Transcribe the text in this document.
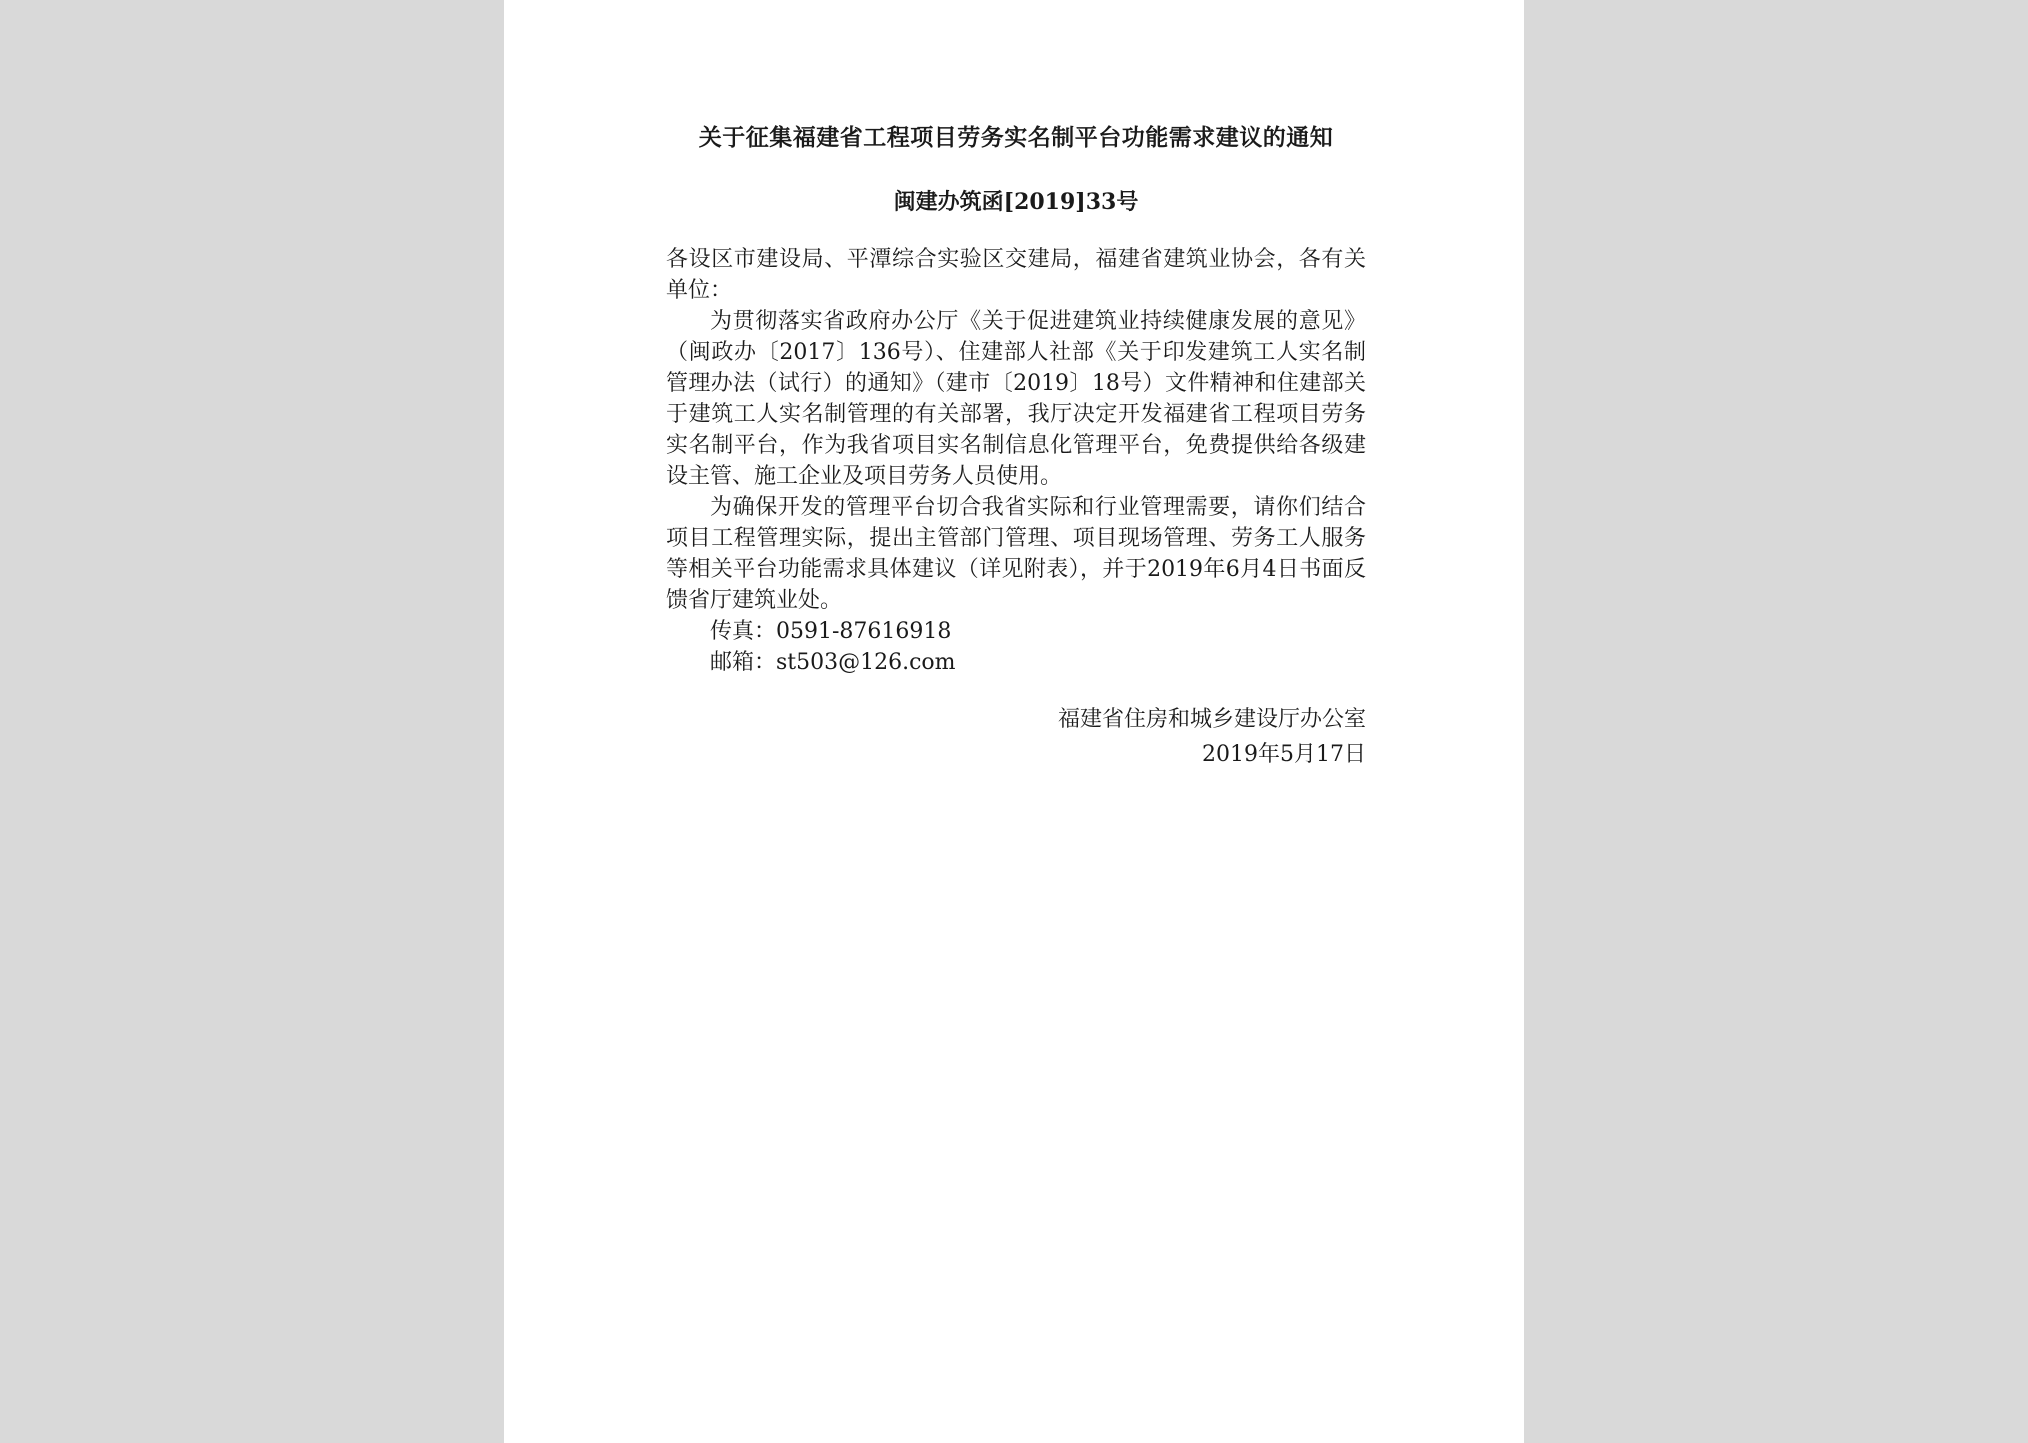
关于征集福建省工程项目劳务实名制平台功能需求建议的通知
闽建办筑函[2019]33号

各设区市建设局、平潭综合实验区交建局，福建省建筑业协会，各有关单位：

为贯彻落实省政府办公厅《关于促进建筑业持续健康发展的意见》（闽政办〔2017〕136号）、住建部人社部《关于印发建筑工人实名制管理办法（试行）的通知》（建市〔2019〕18号）文件精神和住建部关于建筑工人实名制管理的有关部署，我厅决定开发福建省工程项目劳务实名制平台，作为我省项目实名制信息化管理平台，免费提供给各级建设主管、施工企业及项目劳务人员使用。

为确保开发的管理平台切合我省实际和行业管理需要，请你们结合项目工程管理实际，提出主管部门管理、项目现场管理、劳务工人服务等相关平台功能需求具体建议（详见附表），并于2019年6月4日书面反馈省厅建筑业处。

传真：0591-87616918

邮箱：st503@126.com

福建省住房和城乡建设厅办公室
2019年5月17日
